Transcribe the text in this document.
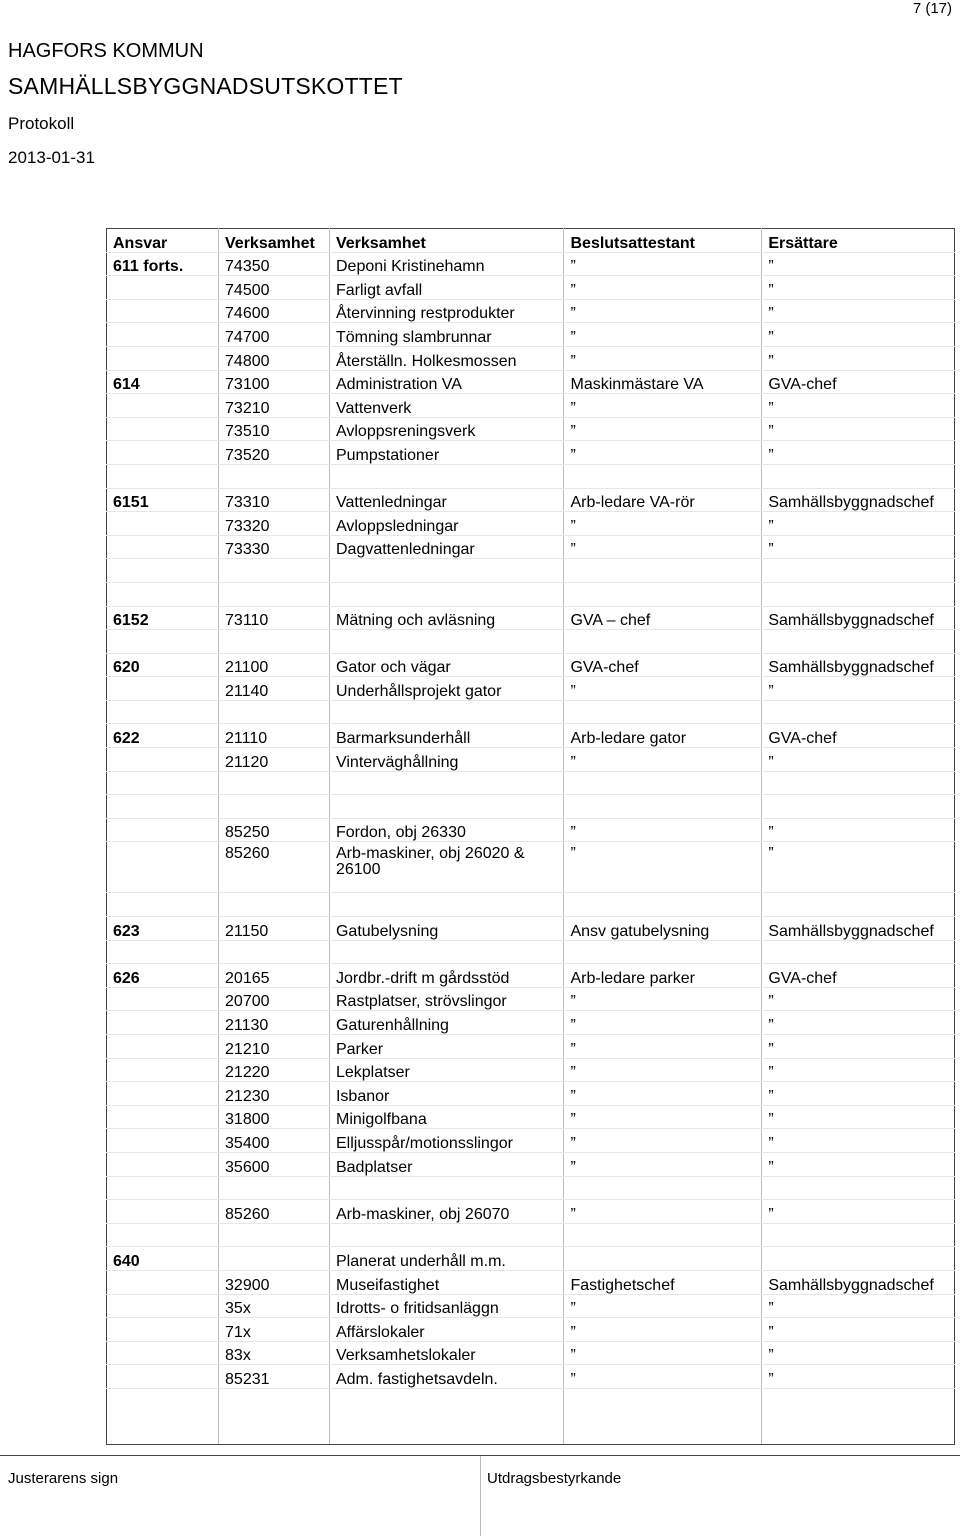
7 (17)
HAGFORS KOMMUN
SAMHÄLLSBYGGNADSUTSKOTTET
Protokoll
2013-01-31
Ansvar	Verksamhet	Verksamhet	Beslutsattestant	Ersättare
611 forts.	74350	Deponi Kristinehamn	”	”
	74500	Farligt avfall	”	”
	74600	Återvinning restprodukter	”	”
	74700	Tömning slambrunnar	”	”
	74800	Återställn. Holkesmossen	”	”
614	73100	Administration VA	Maskinmästare VA	GVA-chef
	73210	Vattenverk	”	”
	73510	Avloppsreningsverk	”	”
	73520	Pumpstationer	”	”

6151	73310	Vattenledningar	Arb-ledare VA-rör	Samhällsbyggnadschef
	73320	Avloppsledningar	”	”
	73330	Dagvattenledningar	”	”

6152	73110	Mätning och avläsning	GVA – chef	Samhällsbyggnadschef

620	21100	Gator och vägar	GVA-chef	Samhällsbyggnadschef
	21140	Underhållsprojekt gator	”	”

622	21110	Barmarksunderhåll	Arb-ledare gator	GVA-chef
	21120	Vinterväghållning	”	”

	85250	Fordon, obj 26330	”	”
	85260	Arb-maskiner, obj 26020 & 26100	”	”

623	21150	Gatubelysning	Ansv gatubelysning	Samhällsbyggnadschef

626	20165	Jordbr.-drift m gårdsstöd	Arb-ledare parker	GVA-chef
	20700	Rastplatser, strövslingor	”	”
	21130	Gaturenhållning	”	”
	21210	Parker	”	”
	21220	Lekplatser	”	”
	21230	Isbanor	”	”
	31800	Minigolfbana	”	”
	35400	Elljusspår/motionsslingor	”	”
	35600	Badplatser	”	”

	85260	Arb-maskiner, obj 26070	”	”

640		Planerat underhåll m.m.		
	32900	Museifastighet	Fastighetschef	Samhällsbyggnadschef
	35x	Idrotts- o fritidsanläggn	”	”
	71x	Affärslokaler	”	”
	83x	Verksamhetslokaler	”	”
	85231	Adm. fastighetsavdeln.	”	”

Justerarens sign	Utdragsbestyrkande
